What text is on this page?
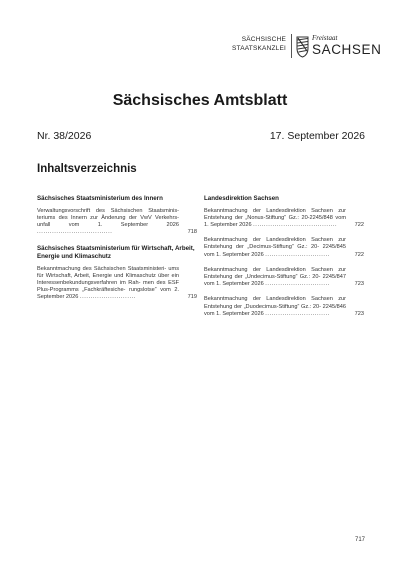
SÄCHSISCHE
STAATSKANZLEI
Freistaat
SACHSEN
Sächsisches Amtsblatt
Nr. 38/2026	17. September 2026
Inhaltsverzeichnis
Sächsisches Staatsministerium des Innern
Verwaltungsvorschrift des Sächsischen Staatsminis- teriums des Innern zur Änderung der VwV Verkehrs- unfall vom 1. September 2026 ...................................	718
Sächsisches Staatsministerium für Wirtschaft, Arbeit, Energie und Klimaschutz
Bekanntmachung des Sächsischen Staatsministeri- ums für Wirtschaft, Arbeit, Energie und Klimaschutz über ein Interessenbekundungsverfahren im Rah- men des ESF Plus-Programms „Fachkräftesiche- rungslotse“ vom 2. September 2026 ..........................	719
Landesdirektion Sachsen
Bekanntmachung der Landesdirektion Sachsen zur Entstehung der „Nonus-Stiftung“ Gz.: 20-2245/848 vom 1. September 2026 .......................................	722
Bekanntmachung der Landesdirektion Sachsen zur Entstehung der „Decimus-Stiftung“ Gz.: 20- 2245/845 vom 1. September 2026 ..............................	722
Bekanntmachung der Landesdirektion Sachsen zur Entstehung der „Undecimus-Stiftung“ Gz.: 20- 2245/847 vom 1. September 2026 ..............................	723
Bekanntmachung der Landesdirektion Sachsen zur Entstehung der „Duodecimus-Stiftung“ Gz.: 20- 2245/846 vom 1. September 2026 ..............................	723
717
